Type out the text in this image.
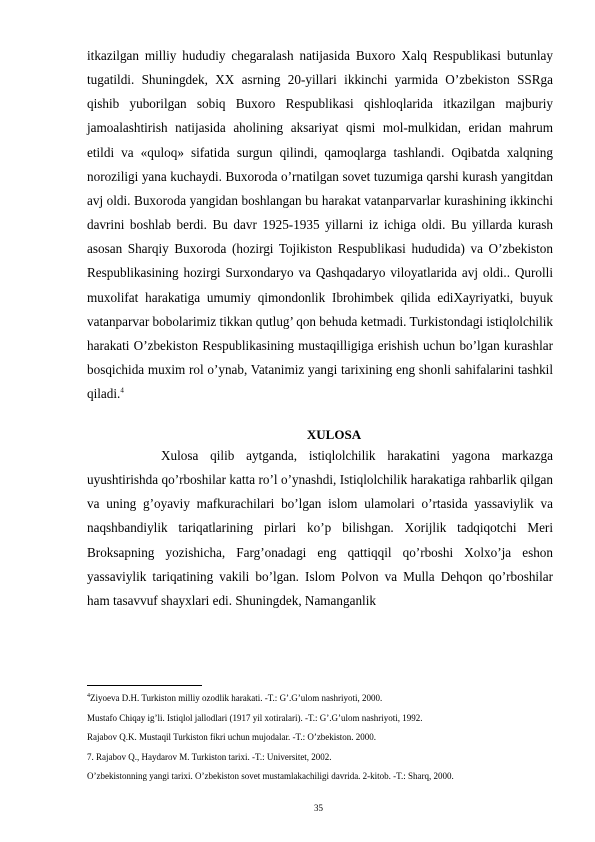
itkazilgan milliy hududiy chegaralash natijasida Buxoro Xalq Respublikasi butunlay tugatildi. Shuningdek, XX asrning 20-yillari ikkinchi yarmida O’zbekiston SSRga qishib yuborilgan sobiq Buxoro Respublikasi qishloqlarida itkazilgan majburiy jamoalashtirish natijasida aholining aksariyat qismi mol-mulkidan, eridan mahrum etildi va «quloq» sifatida surgun qilindi, qamoqlarga tashlandi. Oqibatda xalqning noroziligi yana kuchaydi. Buxoroda o’rnatilgan sovet tuzumiga qarshi kurash yangitdan avj oldi. Buxoroda yangidan boshlangan bu harakat vatanparvarlar kurashining ikkinchi davrini boshlab berdi. Bu davr 1925-1935 yillarni iz ichiga oldi. Bu yillarda kurash asosan Sharqiy Buxoroda (hozirgi Tojikiston Respublikasi hududida) va O’zbekiston Respublikasining hozirgi Surxondaryo va Qashqadaryo viloyatlarida avj oldi.. Qurolli muxolifat harakatiga umumiy qimondonlik Ibrohimbek qilida ediXayriyatki, buyuk vatanparvar bobolarimiz tikkan qutlug’ qon behuda ketmadi. Turkistondagi istiqlolchilik harakati O’zbekiston Respublikasining mustaqilligiga erishish uchun bo’lgan kurashlar bosqichida muxim rol o’ynab, Vatanimiz yangi tarixining eng shonli sahifalarini tashkil qiladi.$^4$

XULOSA

Xulosa qilib aytganda, istiqlolchilik harakatini yagona markazga uyushtirishda qo’rboshilar katta ro’l o’ynashdi, Istiqlolchilik harakatiga rahbarlik qilgan va uning g’oyaviy mafkurachilari bo’lgan islom ulamolari o’rtasida yassaviylik va naqshbandiylik tariqatlarining pirlari ko’p bilishgan. Xorijlik tadqiqotchi Meri Broksapning yozishicha, Farg’onadagi eng qattiqqil qo’rboshi Xolxo’ja eshon yassaviylik tariqatining vakili bo’lgan. Islom Polvon va Mulla Dehqon qo’rboshilar ham tasavvuf shayxlari edi. Shuningdek, Namanganlik

$^4$Ziyoeva D.H. Turkiston milliy ozodlik harakati. -T.: G’.G’ulom nashriyoti, 2000.
Mustafo Chiqay ig’li. Istiqlol jallodlari (1917 yil xotiralari). -T.: G’.G’ulom nashriyoti, 1992.
Rajabov Q.K. Mustaqil Turkiston fikri uchun mujodalar. -T.: O’zbekiston. 2000.
7. Rajabov Q., Haydarov M. Turkiston tarixi. -T.: Universitet, 2002.
O’zbekistonning yangi tarixi. O’zbekiston sovet mustamlakachiligi davrida. 2-kitob. -T.: Sharq, 2000.
35
